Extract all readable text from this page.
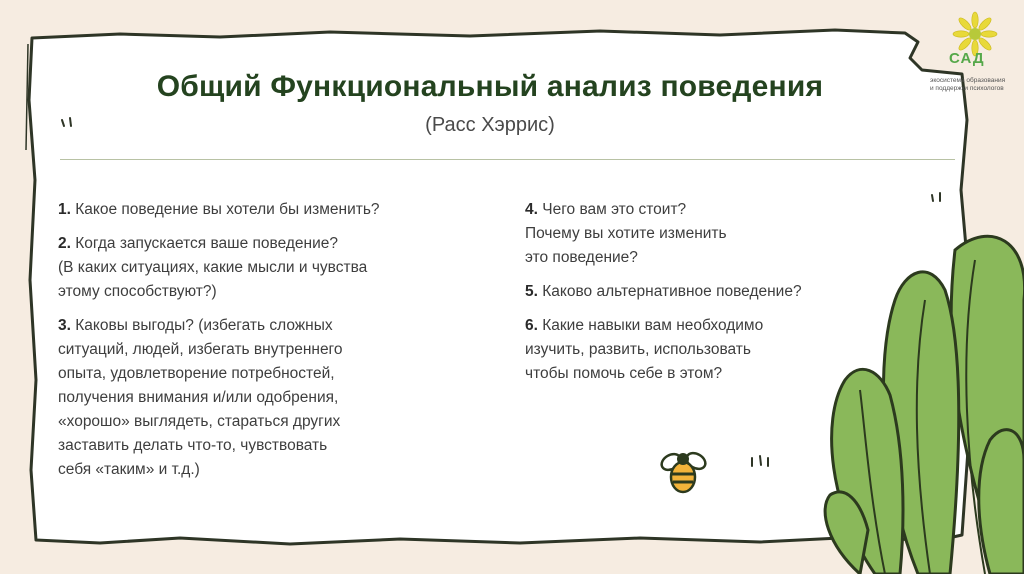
САД
экосистема образования
и поддержки психологов
Общий Функциональный анализ поведения
(Расс Хэррис)
1. Какое поведение вы хотели бы изменить?
2. Когда запускается ваше поведение?
(В каких ситуациях, какие мысли и чувства
этому способствуют?)
3. Каковы выгоды? (избегать сложных
ситуаций, людей, избегать внутреннего
опыта, удовлетворение потребностей,
получения внимания и/или одобрения,
«хорошо» выглядеть, стараться других
заставить делать что-то, чувствовать
себя «таким» и т.д.)
4. Чего вам это стоит?
Почему вы хотите изменить
это поведение?
5. Каково альтернативное поведение?
6. Какие навыки вам необходимо
изучить, развить, использовать
чтобы помочь себе в этом?
